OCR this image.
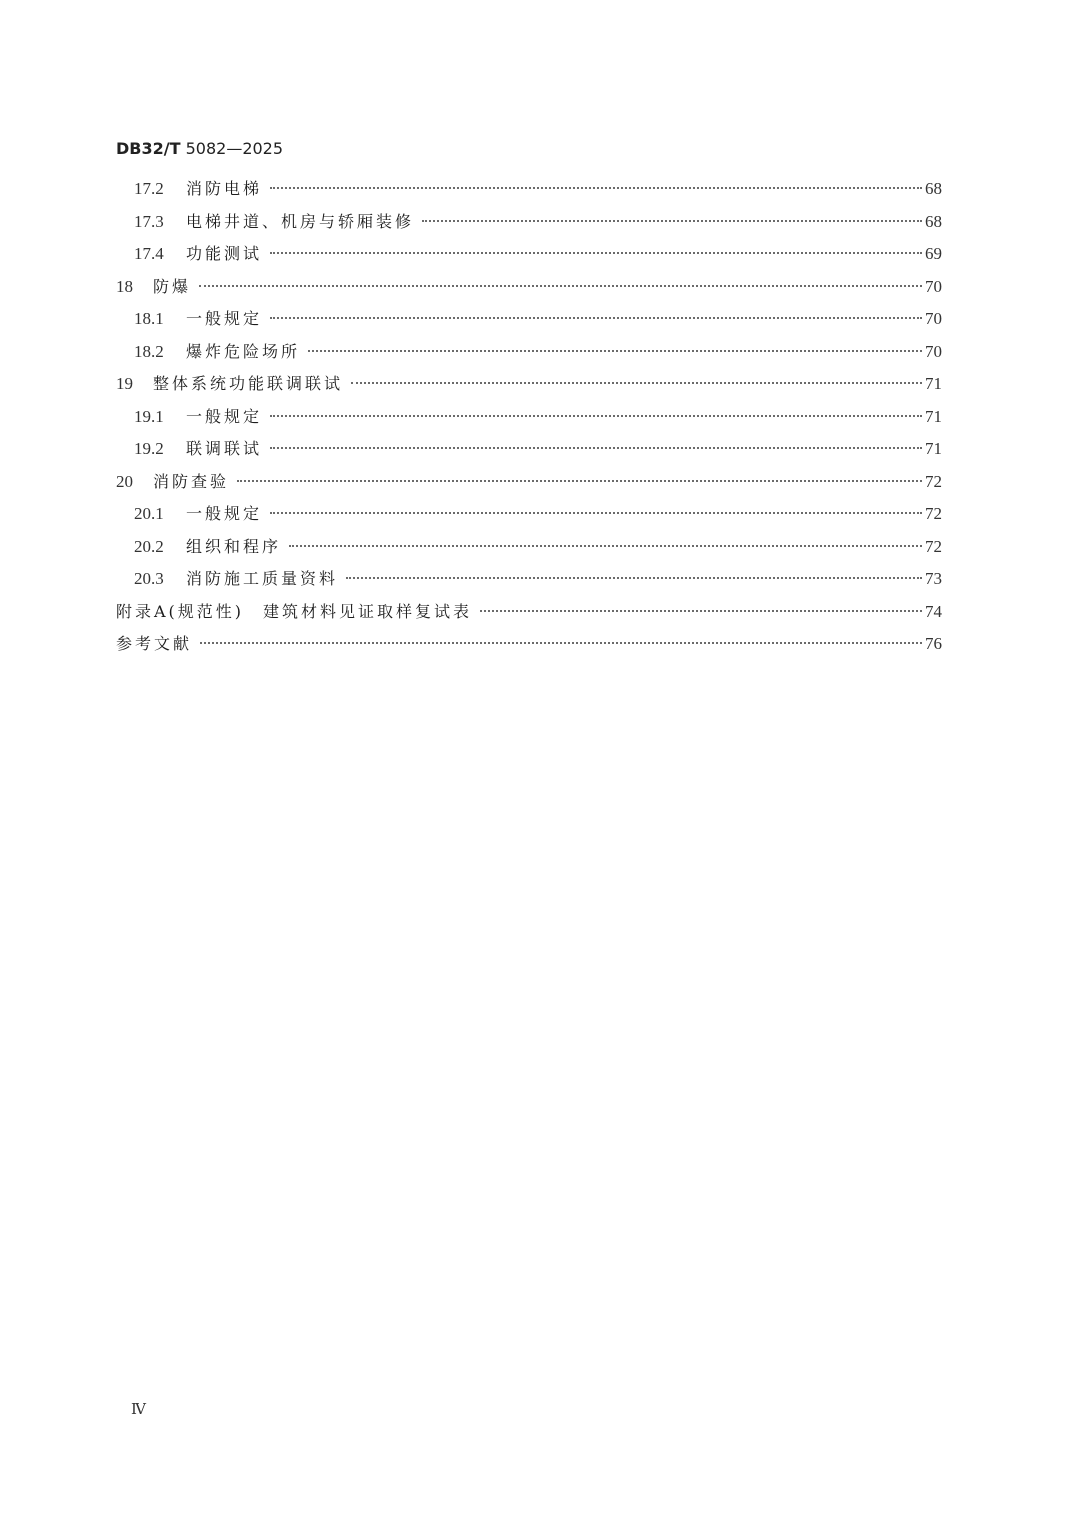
DB32/T 5082—2025
17.2	消防电梯	68
17.3	电梯井道、机房与轿厢装修	68
17.4	功能测试	69
18	防爆	70
18.1	一般规定	70
18.2	爆炸危险场所	70
19	整体系统功能联调联试	71
19.1	一般规定	71
19.2	联调联试	71
20	消防查验	72
20.1	一般规定	72
20.2	组织和程序	72
20.3	消防施工质量资料	73
附录A(规范性)　建筑材料见证取样复试表	74
参考文献	76
Ⅳ
